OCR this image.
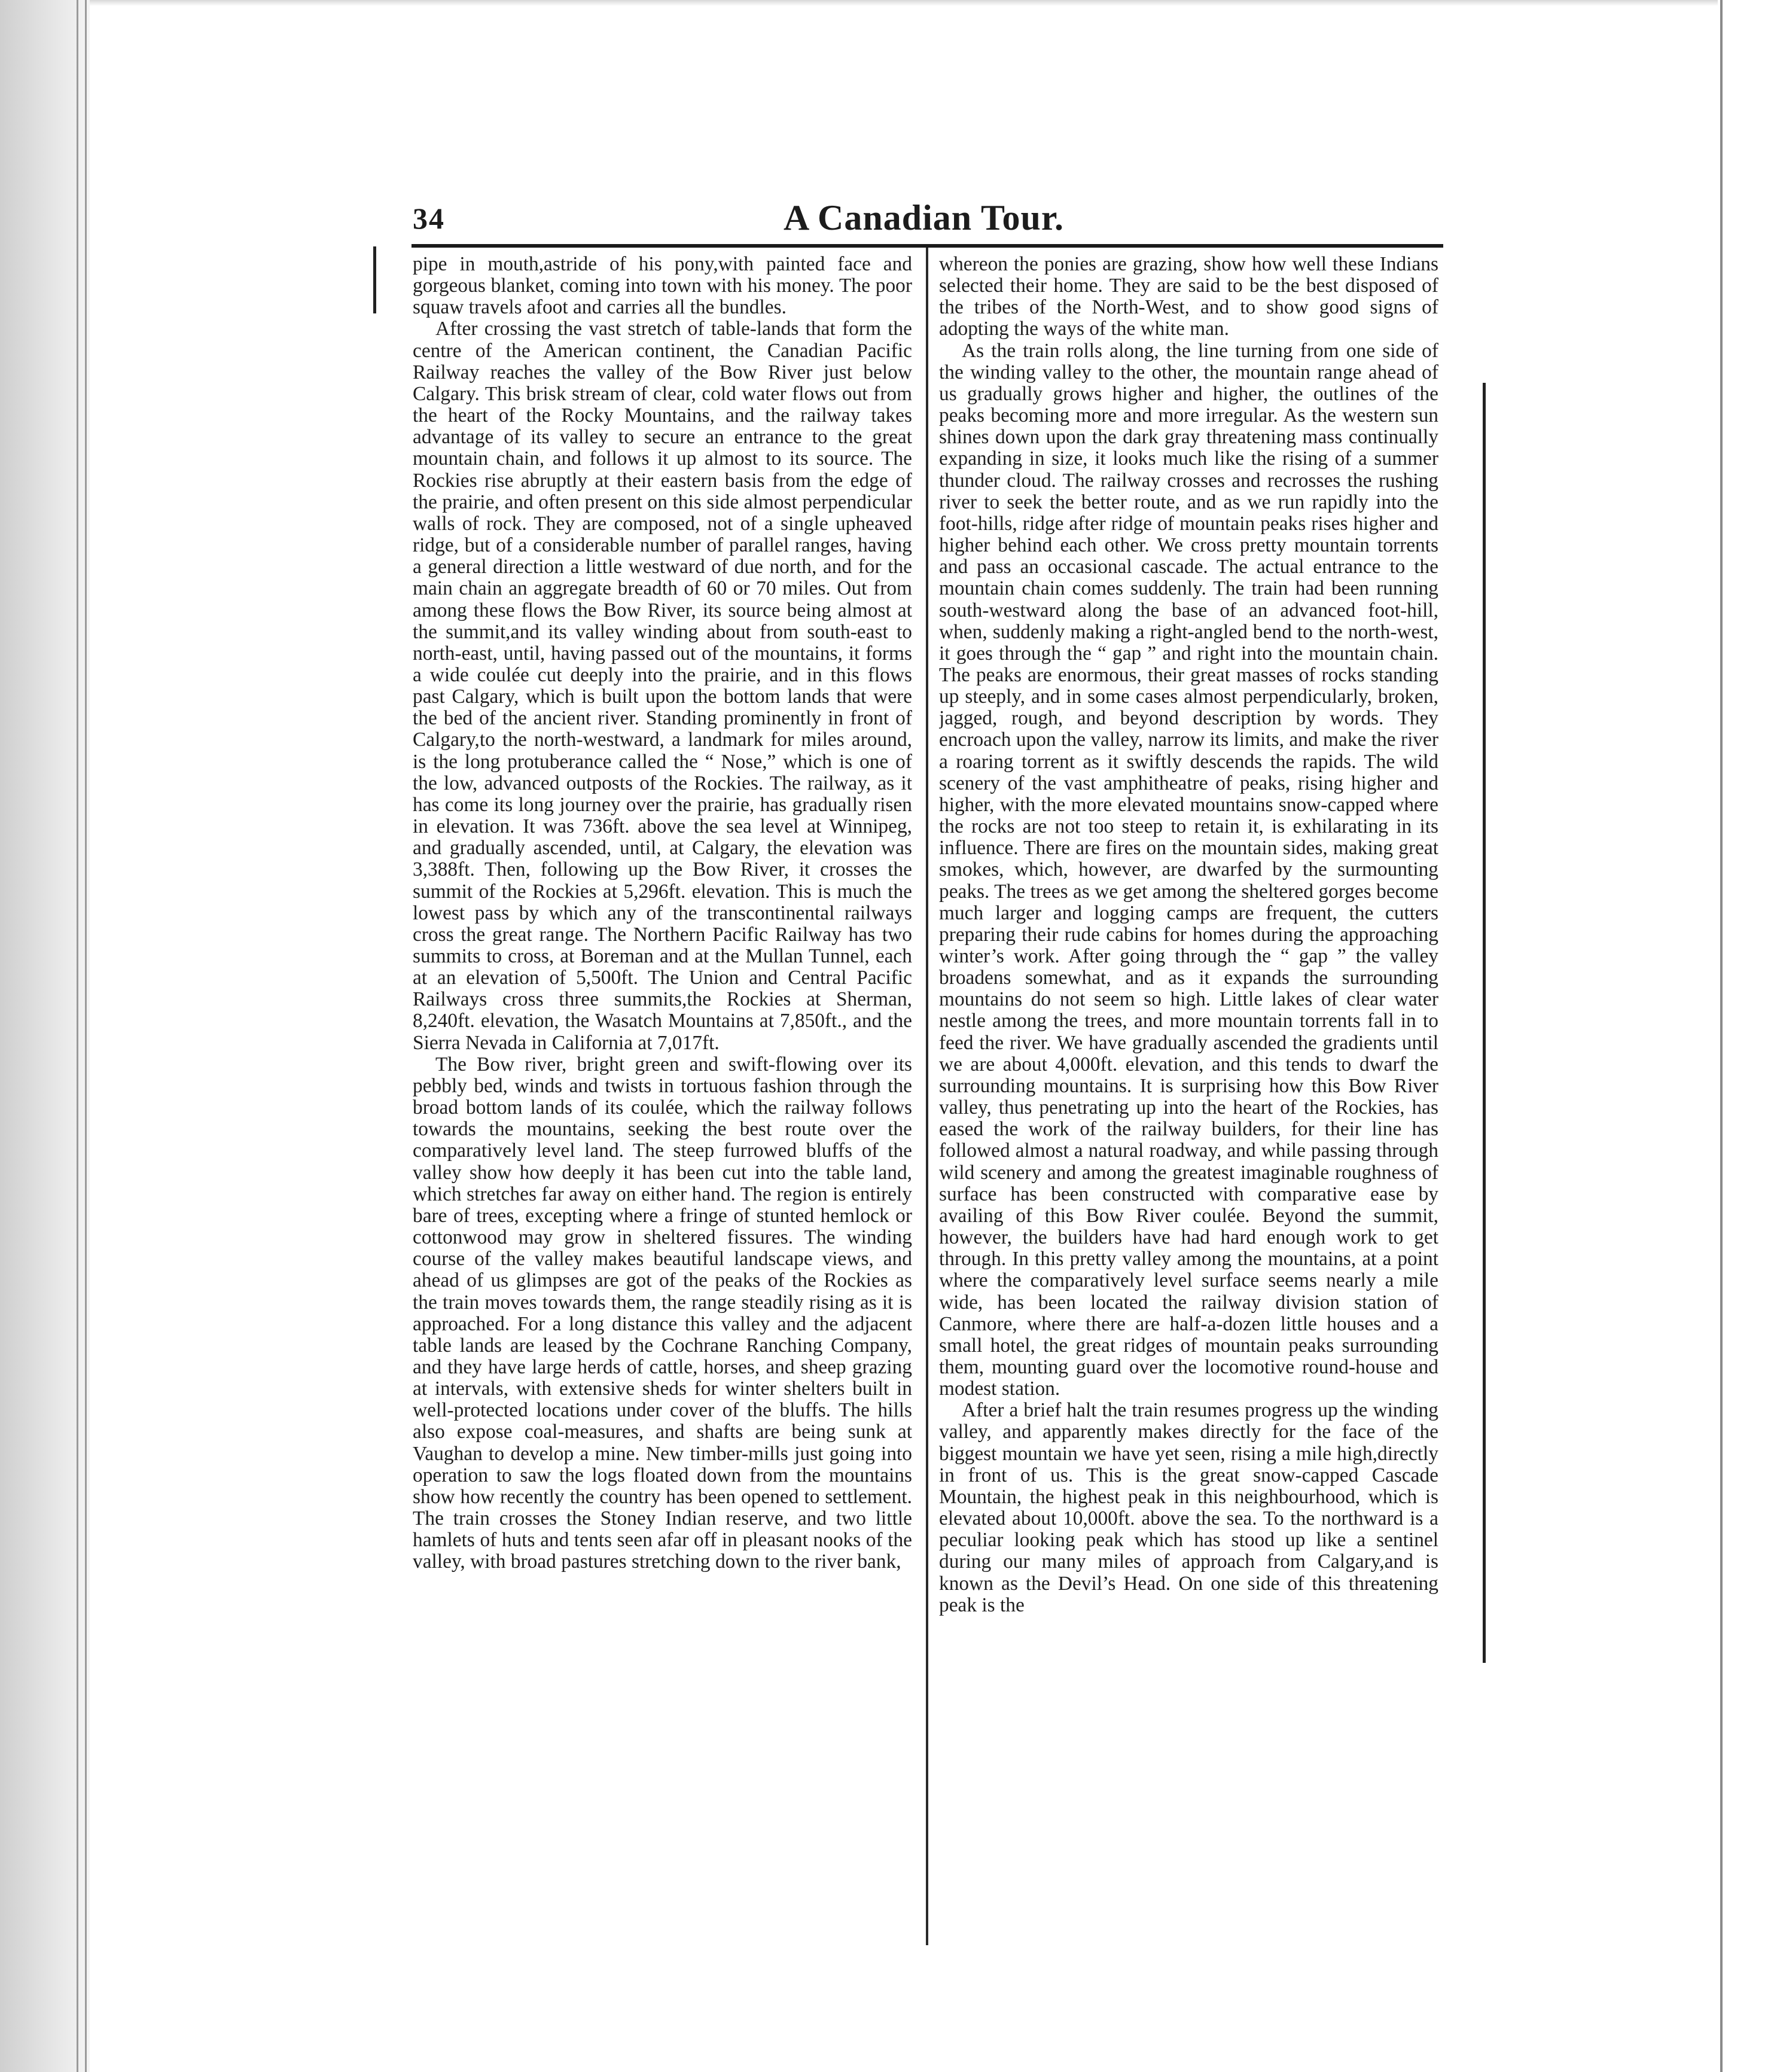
34	A Canadian Tour.

pipe in mouth,astride of his pony,with painted face and gorgeous blanket, coming into town with his money. The poor squaw travels afoot and carries all the bundles.

After crossing the vast stretch of table-lands that form the centre of the American continent, the Canadian Pacific Railway reaches the valley of the Bow River just below Calgary. This brisk stream of clear, cold water flows out from the heart of the Rocky Mountains, and the railway takes advantage of its valley to secure an entrance to the great mountain chain, and follows it up almost to its source. The Rockies rise abruptly at their eastern basis from the edge of the prairie, and often present on this side almost perpendicular walls of rock. They are composed, not of a single upheaved ridge, but of a considerable number of parallel ranges, having a general direction a little westward of due north, and for the main chain an aggregate breadth of 60 or 70 miles. Out from among these flows the Bow River, its source being almost at the summit,and its valley winding about from south-east to north-east, until, having passed out of the mountains, it forms a wide coulée cut deeply into the prairie, and in this flows past Calgary, which is built upon the bottom lands that were the bed of the ancient river. Standing prominently in front of Calgary,to the north-westward, a landmark for miles around, is the long protuberance called the “ Nose,” which is one of the low, advanced outposts of the Rockies. The railway, as it has come its long journey over the prairie, has gradually risen in elevation. It was 736ft. above the sea level at Winnipeg, and gradually ascended, until, at Calgary, the elevation was 3,388ft. Then, following up the Bow River, it crosses the summit of the Rockies at 5,296ft. elevation. This is much the lowest pass by which any of the transcontinental railways cross the great range. The Northern Pacific Railway has two summits to cross, at Boreman and at the Mullan Tunnel, each at an elevation of 5,500ft. The Union and Central Pacific Railways cross three summits,the Rockies at Sherman, 8,240ft. elevation, the Wasatch Mountains at 7,850ft., and the Sierra Nevada in California at 7,017ft.

The Bow river, bright green and swift-flowing over its pebbly bed, winds and twists in tortuous fashion through the broad bottom lands of its coulée, which the railway follows towards the mountains, seeking the best route over the comparatively level land. The steep furrowed bluffs of the valley show how deeply it has been cut into the table land, which stretches far away on either hand. The region is entirely bare of trees, excepting where a fringe of stunted hemlock or cottonwood may grow in sheltered fissures. The winding course of the valley makes beautiful landscape views, and ahead of us glimpses are got of the peaks of the Rockies as the train moves towards them, the range steadily rising as it is approached. For a long distance this valley and the adjacent table lands are leased by the Cochrane Ranching Company, and they have large herds of cattle, horses, and sheep grazing at intervals, with extensive sheds for winter shelters built in well-protected locations under cover of the bluffs. The hills also expose coal-measures, and shafts are being sunk at Vaughan to develop a mine. New timber-mills just going into operation to saw the logs floated down from the mountains show how recently the country has been opened to settlement. The train crosses the Stoney Indian reserve, and two little hamlets of huts and tents seen afar off in pleasant nooks of the valley, with broad pastures stretching down to the river bank,

whereon the ponies are grazing, show how well these Indians selected their home. They are said to be the best disposed of the tribes of the North-West, and to show good signs of adopting the ways of the white man.

As the train rolls along, the line turning from one side of the winding valley to the other, the mountain range ahead of us gradually grows higher and higher, the outlines of the peaks becoming more and more irregular. As the western sun shines down upon the dark gray threatening mass continually expanding in size, it looks much like the rising of a summer thunder cloud. The railway crosses and recrosses the rushing river to seek the better route, and as we run rapidly into the foot-hills, ridge after ridge of mountain peaks rises higher and higher behind each other. We cross pretty mountain torrents and pass an occasional cascade. The actual entrance to the mountain chain comes suddenly. The train had been running south-westward along the base of an advanced foot-hill, when, suddenly making a right-angled bend to the north-west, it goes through the “ gap ” and right into the mountain chain. The peaks are enormous, their great masses of rocks standing up steeply, and in some cases almost perpendicularly, broken, jagged, rough, and beyond description by words. They encroach upon the valley, narrow its limits, and make the river a roaring torrent as it swiftly descends the rapids. The wild scenery of the vast amphitheatre of peaks, rising higher and higher, with the more elevated mountains snow-capped where the rocks are not too steep to retain it, is exhilarating in its influence. There are fires on the mountain sides, making great smokes, which, however, are dwarfed by the surmounting peaks. The trees as we get among the sheltered gorges become much larger and logging camps are frequent, the cutters preparing their rude cabins for homes during the approaching winter’s work. After going through the “ gap ” the valley broadens somewhat, and as it expands the surrounding mountains do not seem so high. Little lakes of clear water nestle among the trees, and more mountain torrents fall in to feed the river. We have gradually ascended the gradients until we are about 4,000ft. elevation, and this tends to dwarf the surrounding mountains. It is surprising how this Bow River valley, thus penetrating up into the heart of the Rockies, has eased the work of the railway builders, for their line has followed almost a natural roadway, and while passing through wild scenery and among the greatest imaginable roughness of surface has been constructed with comparative ease by availing of this Bow River coulée. Beyond the summit, however, the builders have had hard enough work to get through. In this pretty valley among the mountains, at a point where the comparatively level surface seems nearly a mile wide, has been located the railway division station of Canmore, where there are half-a-dozen little houses and a small hotel, the great ridges of mountain peaks surrounding them, mounting guard over the locomotive round-house and modest station.

After a brief halt the train resumes progress up the winding valley, and apparently makes directly for the face of the biggest mountain we have yet seen, rising a mile high,directly in front of us. This is the great snow-capped Cascade Mountain, the highest peak in this neighbourhood, which is elevated about 10,000ft. above the sea. To the northward is a peculiar looking peak which has stood up like a sentinel during our many miles of approach from Calgary,and is known as the Devil’s Head. On one side of this threatening peak is the
